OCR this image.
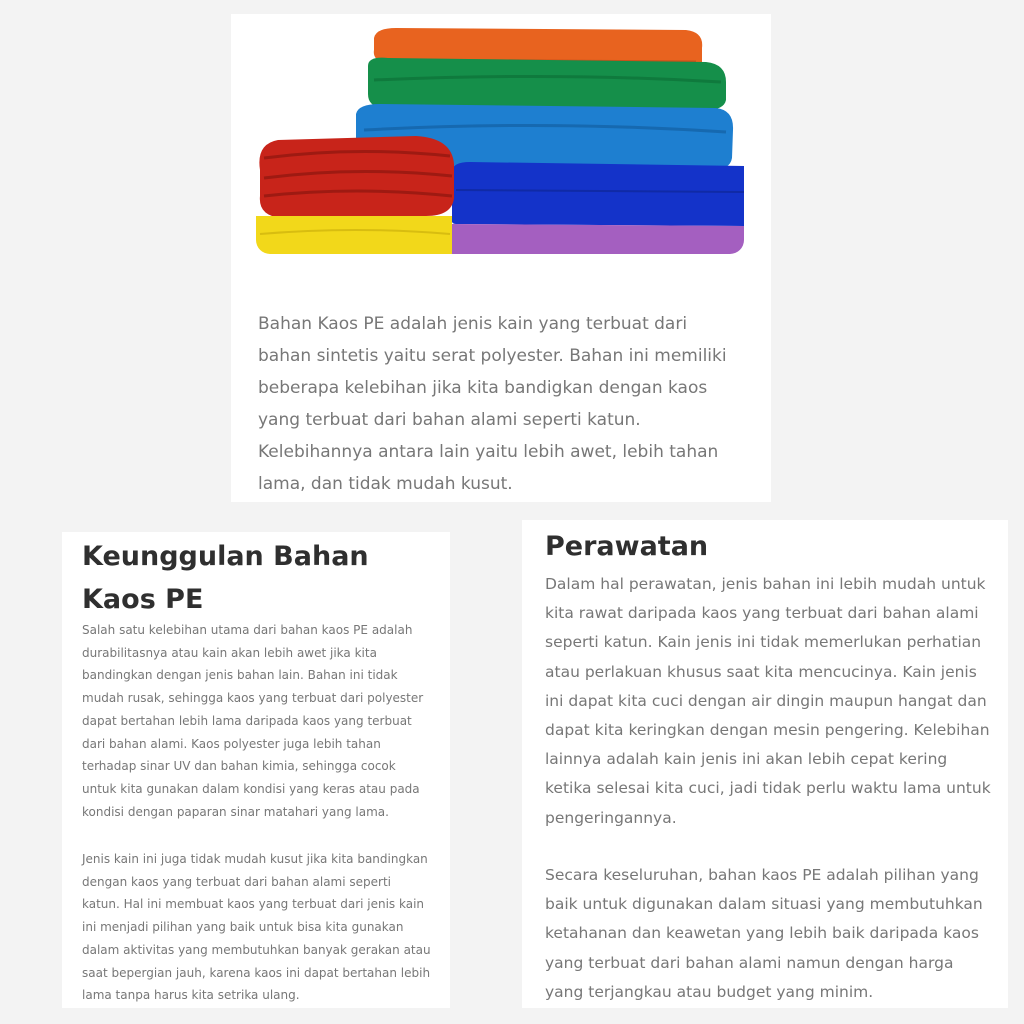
Bahan Kaos PE adalah jenis kain yang terbuat dari bahan sintetis yaitu serat polyester. Bahan ini memiliki beberapa kelebihan jika kita bandigkan dengan kaos yang terbuat dari bahan alami seperti katun. Kelebihannya antara lain yaitu lebih awet, lebih tahan lama, dan tidak mudah kusut.

Keunggulan Bahan Kaos PE

Salah satu kelebihan utama dari bahan kaos PE adalah durabilitasnya atau kain akan lebih awet jika kita bandingkan dengan jenis bahan lain. Bahan ini tidak mudah rusak, sehingga kaos yang terbuat dari polyester dapat bertahan lebih lama daripada kaos yang terbuat dari bahan alami. Kaos polyester juga lebih tahan terhadap sinar UV dan bahan kimia, sehingga cocok untuk kita gunakan dalam kondisi yang keras atau pada kondisi dengan paparan sinar matahari yang lama.

Jenis kain ini juga tidak mudah kusut jika kita bandingkan dengan kaos yang terbuat dari bahan alami seperti katun. Hal ini membuat kaos yang terbuat dari jenis kain ini menjadi pilihan yang baik untuk bisa kita gunakan dalam aktivitas yang membutuhkan banyak gerakan atau saat bepergian jauh, karena kaos ini dapat bertahan lebih lama tanpa harus kita setrika ulang.

Perawatan

Dalam hal perawatan, jenis bahan ini lebih mudah untuk kita rawat daripada kaos yang terbuat dari bahan alami seperti katun. Kain jenis ini tidak memerlukan perhatian atau perlakuan khusus saat kita mencucinya. Kain jenis ini dapat kita cuci dengan air dingin maupun hangat dan dapat kita keringkan dengan mesin pengering. Kelebihan lainnya adalah kain jenis ini akan lebih cepat kering ketika selesai kita cuci, jadi tidak perlu waktu lama untuk pengeringannya.

Secara keseluruhan, bahan kaos PE adalah pilihan yang baik untuk digunakan dalam situasi yang membutuhkan ketahanan dan keawetan yang lebih baik daripada kaos yang terbuat dari bahan alami namun dengan harga yang terjangkau atau budget yang minim.
